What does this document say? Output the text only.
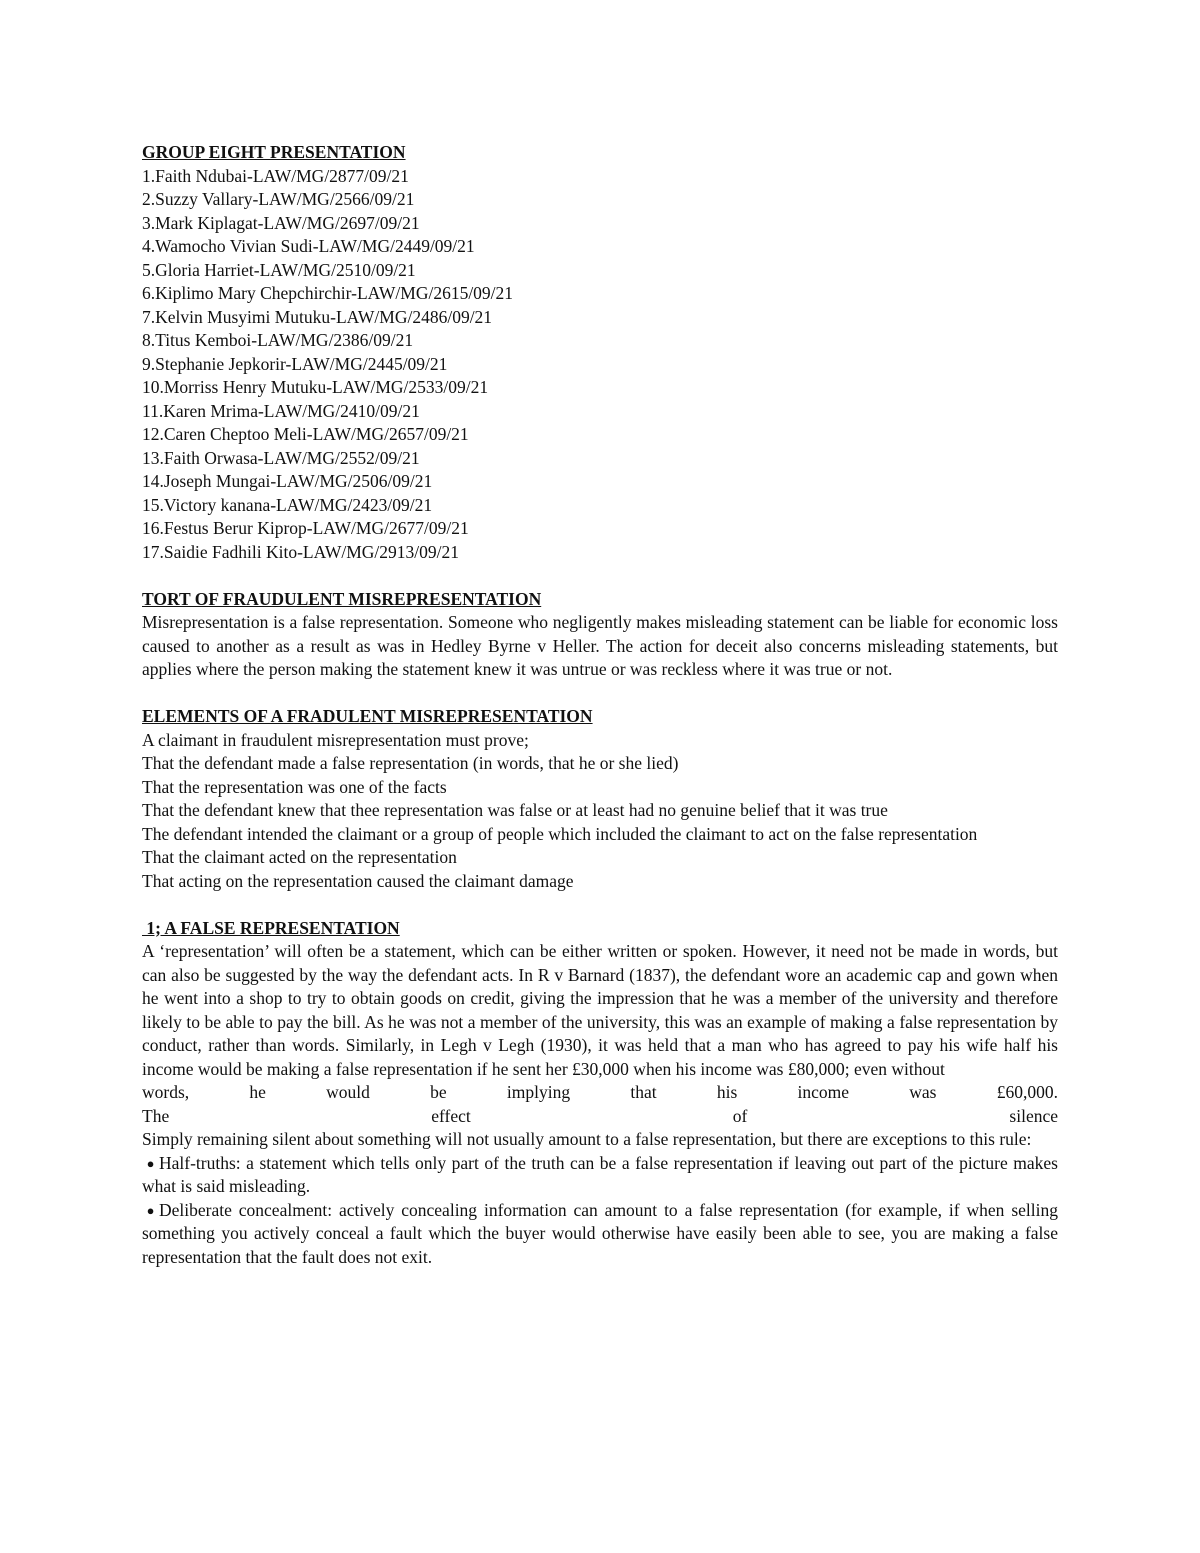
GROUP EIGHT PRESENTATION

1.Faith Ndubai-LAW/MG/2877/09/21

2.Suzzy Vallary-LAW/MG/2566/09/21

3.Mark Kiplagat-LAW/MG/2697/09/21

4.Wamocho Vivian Sudi-LAW/MG/2449/09/21

5.Gloria Harriet-LAW/MG/2510/09/21

6.Kiplimo Mary Chepchirchir-LAW/MG/2615/09/21

7.Kelvin Musyimi Mutuku-LAW/MG/2486/09/21

8.Titus Kemboi-LAW/MG/2386/09/21

9.Stephanie Jepkorir-LAW/MG/2445/09/21

10.Morriss Henry Mutuku-LAW/MG/2533/09/21

11.Karen Mrima-LAW/MG/2410/09/21

12.Caren Cheptoo Meli-LAW/MG/2657/09/21

13.Faith Orwasa-LAW/MG/2552/09/21

14.Joseph Mungai-LAW/MG/2506/09/21

15.Victory kanana-LAW/MG/2423/09/21

16.Festus Berur Kiprop-LAW/MG/2677/09/21

17.Saidie Fadhili Kito-LAW/MG/2913/09/21

TORT OF FRAUDULENT MISREPRESENTATION

Misrepresentation is a false representation. Someone who negligently makes misleading statement can be liable for economic loss caused to another as a result as was in Hedley Byrne v Heller. The action for deceit also concerns misleading statements, but applies where the person making the statement knew it was untrue or was reckless where it was true or not.

ELEMENTS OF A FRADULENT MISREPRESENTATION

A claimant in fraudulent misrepresentation must prove;

That the defendant made a false representation (in words, that he or she lied)

That the representation was one of the facts

That the defendant knew that thee representation was false or at least had no genuine belief that it was true

The defendant intended the claimant or a group of people which included the claimant to act on the false representation

That the claimant acted on the representation

That acting on the representation caused the claimant damage

1; A FALSE REPRESENTATION

A ‘representation’ will often be a statement, which can be either written or spoken. However, it need not be made in words, but can also be suggested by the way the defendant acts. In R v Barnard (1837), the defendant wore an academic cap and gown when he went into a shop to try to obtain goods on credit, giving the impression that he was a member of the university and therefore likely to be able to pay the bill. As he was not a member of the university, this was an example of making a false representation by conduct, rather than words. Similarly, in Legh v Legh (1930), it was held that a man who has agreed to pay his wife half his income would be making a false representation if he sent her £30,000 when his income was £80,000; even without

words,	he	would	be	implying	that	his	income	was	£60,000.

The	effect	of	silence

Simply remaining silent about something will not usually amount to a false representation, but there are exceptions to this rule:

● Half-truths: a statement which tells only part of the truth can be a false representation if leaving out part of the picture makes what is said misleading.

● Deliberate concealment: actively concealing information can amount to a false representation (for example, if when selling something you actively conceal a fault which the buyer would otherwise have easily been able to see, you are making a false representation that the fault does not exit.
